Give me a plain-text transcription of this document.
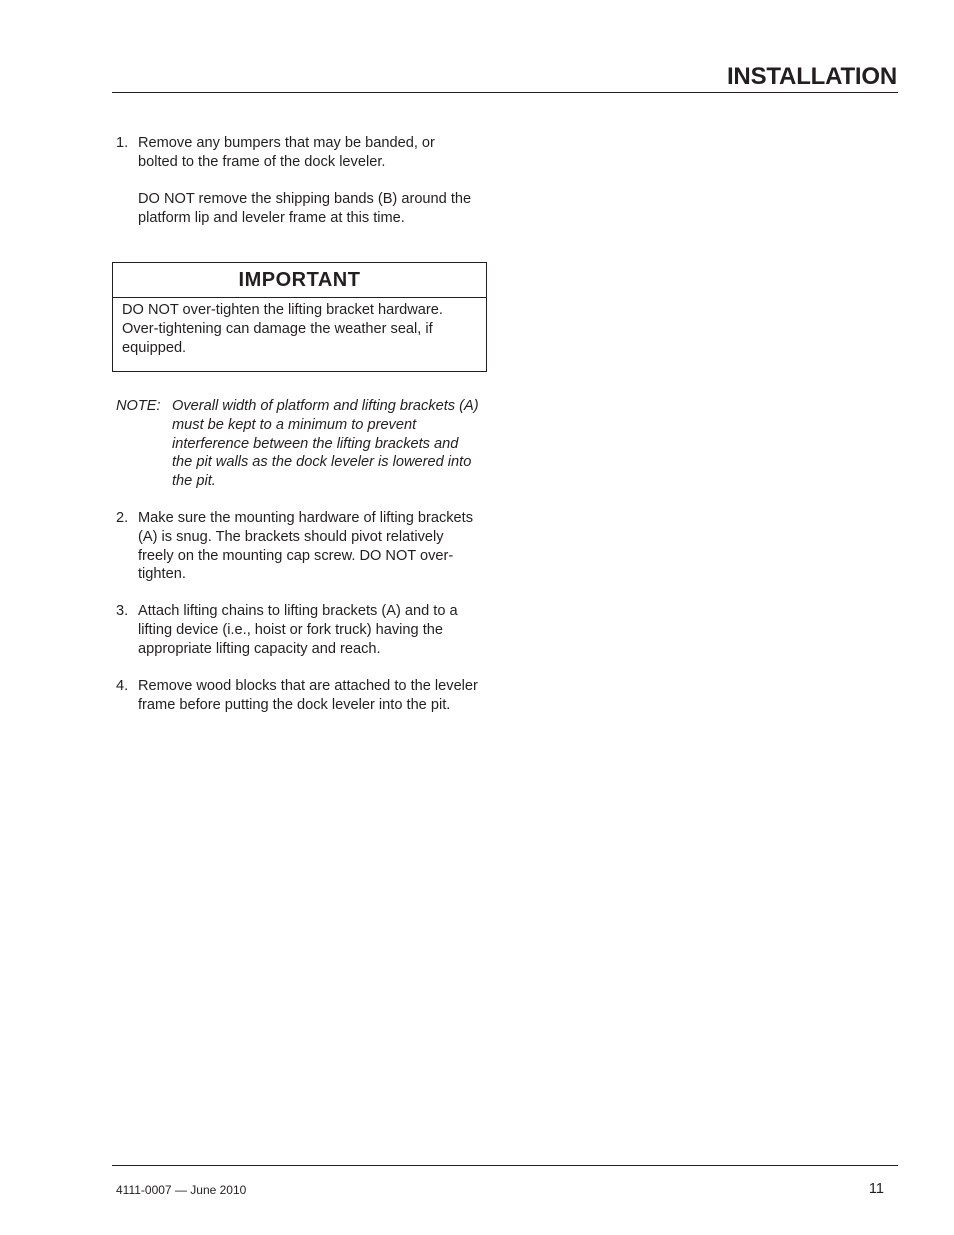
INSTALLATION
1. Remove any bumpers that may be banded, or bolted to the frame of the dock leveler.
DO NOT remove the shipping bands (B) around the platform lip and leveler frame at this time.
IMPORTANT
DO NOT over-tighten the lifting bracket hardware. Over-tightening can damage the weather seal, if equipped.
NOTE: Overall width of platform and lifting brackets (A) must be kept to a minimum to prevent interference between the lifting brackets and the pit walls as the dock leveler is lowered into the pit.
2. Make sure the mounting hardware of lifting brackets (A) is snug. The brackets should pivot relatively freely on the mounting cap screw. DO NOT over-tighten.
3. Attach lifting chains to lifting brackets (A) and to a lifting device (i.e., hoist or fork truck) having the appropriate lifting capacity and reach.
4. Remove wood blocks that are attached to the leveler frame before putting the dock leveler into the pit.
4111-0007 — June 2010	11
